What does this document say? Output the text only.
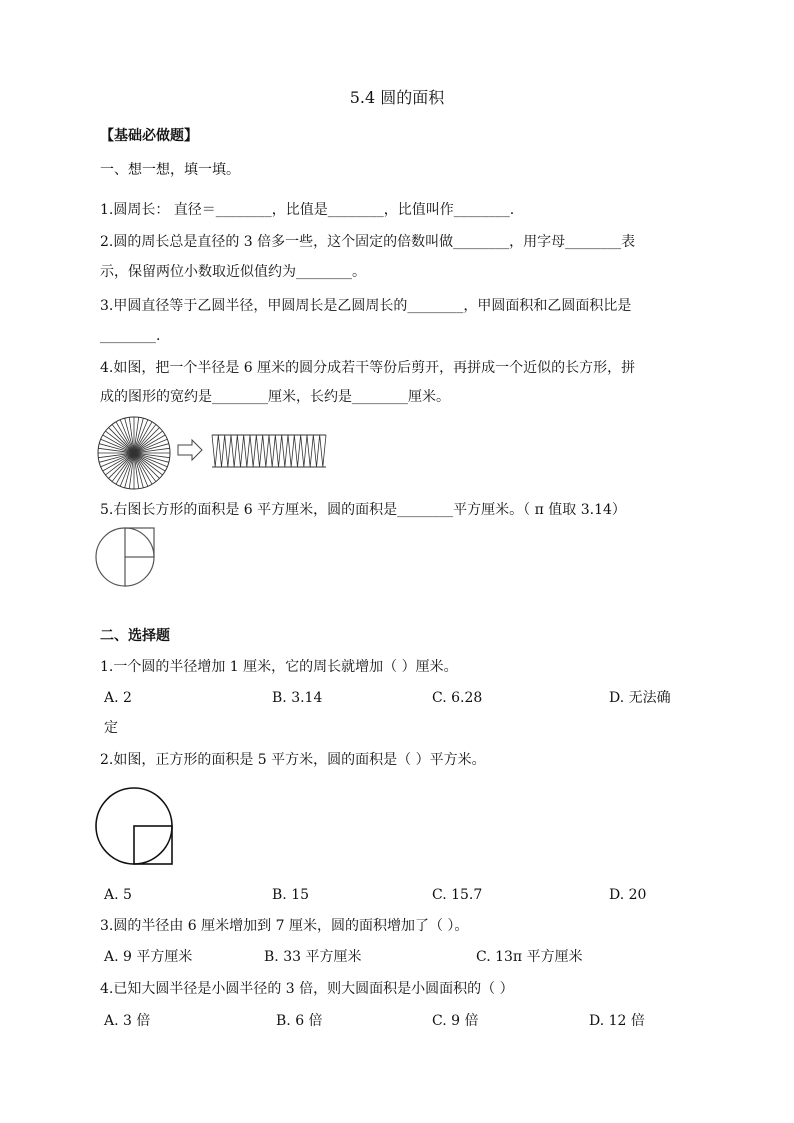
5.4 圆的面积
【基础必做题】
一、想一想，填一填。
1.圆周长： 直径＝________，比值是________，比值叫作________.
2.圆的周长总是直径的 3 倍多一些，这个固定的倍数叫做________，用字母________表
示，保留两位小数取近似值约为________。
3.甲圆直径等于乙圆半径，甲圆周长是乙圆周长的________，甲圆面积和乙圆面积比是
________.
4.如图，把一个半径是 6 厘米的圆分成若干等份后剪开，再拼成一个近似的长方形，拼
成的图形的宽约是________厘米，长约是________厘米。
5.右图长方形的面积是 6 平方厘米，圆的面积是________平方厘米。（ π 值取 3.14）
二、选择题
1.一个圆的半径增加 1 厘米，它的周长就增加（ ）厘米。
A. 2	B. 3.14	C. 6.28	D. 无法确
定
2.如图，正方形的面积是 5 平方米，圆的面积是（ ）平方米。
A. 5	B. 15	C. 15.7	D. 20
3.圆的半径由 6 厘米增加到 7 厘米，圆的面积增加了（ ）。
A. 9 平方厘米	B. 33 平方厘米	C. 13π 平方厘米
4.已知大圆半径是小圆半径的 3 倍，则大圆面积是小圆面积的（ ）
A. 3 倍	B. 6 倍	C. 9 倍	D. 12 倍
